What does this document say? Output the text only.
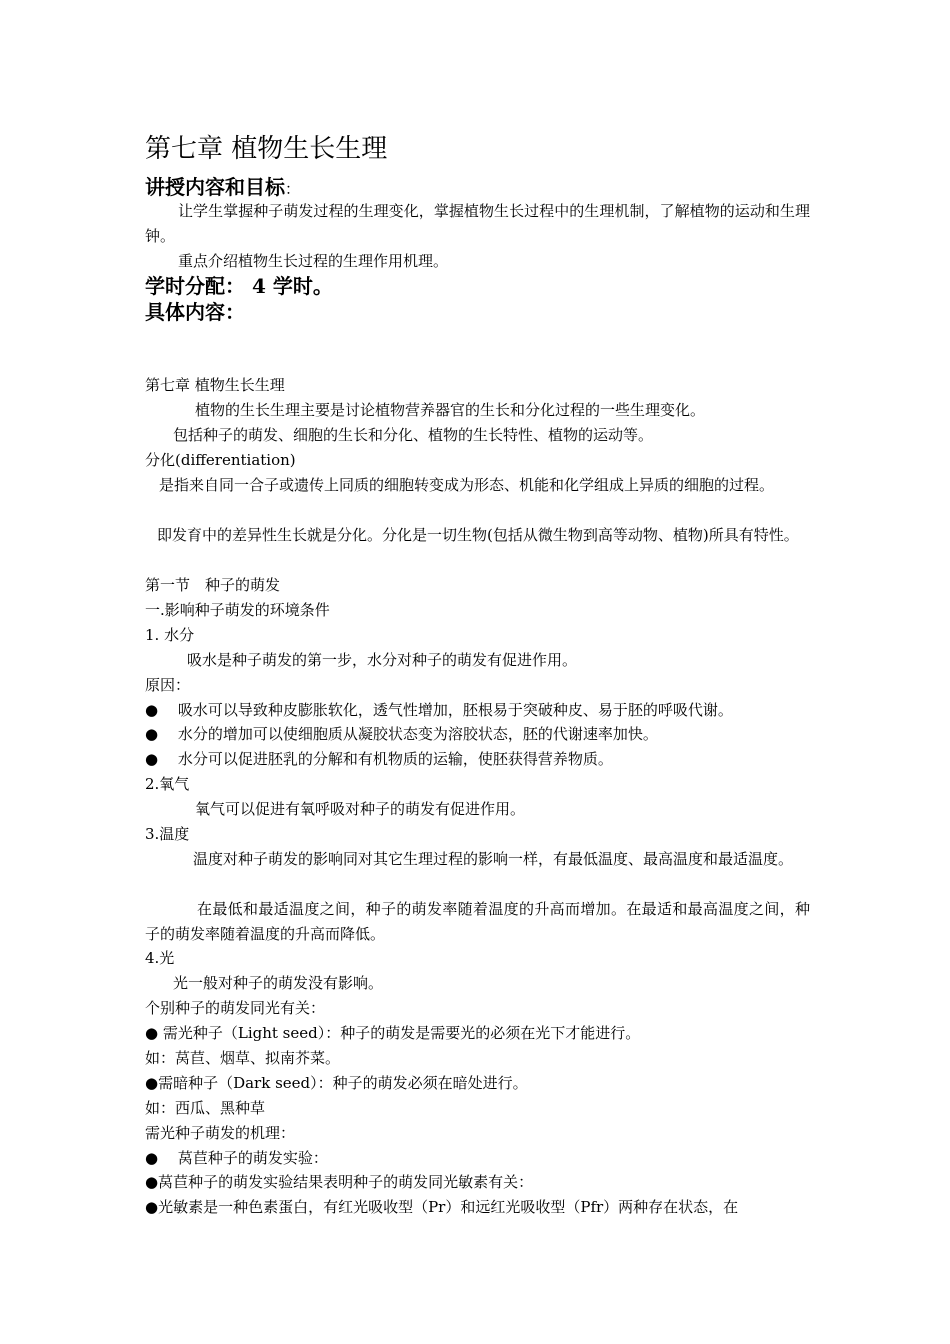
第七章 植物生长生理
讲授内容和目标：
让学生掌握种子萌发过程的生理变化，掌握植物生长过程中的生理机制，了解植物的运动和生理钟。
重点介绍植物生长过程的生理作用机理。
学时分配： 4 学时。
具体内容：
第七章 植物生长生理
植物的生长生理主要是讨论植物营养器官的生长和分化过程的一些生理变化。
包括种子的萌发、细胞的生长和分化、植物的生长特性、植物的运动等。
分化(differentiation)
是指来自同一合子或遗传上同质的细胞转变成为形态、机能和化学组成上异质的细胞的过程。
即发育中的差异性生长就是分化。分化是一切生物(包括从微生物到高等动物、植物)所具有特性。
第一节　种子的萌发
一.影响种子萌发的环境条件
1. 水分
吸水是种子萌发的第一步，水分对种子的萌发有促进作用。
原因：
●　 吸水可以导致种皮膨胀软化，透气性增加，胚根易于突破种皮、易于胚的呼吸代谢。
●　 水分的增加可以使细胞质从凝胶状态变为溶胶状态，胚的代谢速率加快。
●　 水分可以促进胚乳的分解和有机物质的运输，使胚获得营养物质。
2.氧气
氧气可以促进有氧呼吸对种子的萌发有促进作用。
3.温度
温度对种子萌发的影响同对其它生理过程的影响一样，有最低温度、最高温度和最适温度。
在最低和最适温度之间，种子的萌发率随着温度的升高而增加。在最适和最高温度之间，种子的萌发率随着温度的升高而降低。
4.光
光一般对种子的萌发没有影响。
个别种子的萌发同光有关：
● 需光种子（Light seed）：种子的萌发是需要光的必须在光下才能进行。
如：莴苣、烟草、拟南芥菜。
●需暗种子（Dark seed）：种子的萌发必须在暗处进行。
如：西瓜、黑种草
需光种子萌发的机理：
●　 莴苣种子的萌发实验：
●莴苣种子的萌发实验结果表明种子的萌发同光敏素有关：
●光敏素是一种色素蛋白，有红光吸收型（Pr）和远红光吸收型（Pfr）两种存在状态，在
